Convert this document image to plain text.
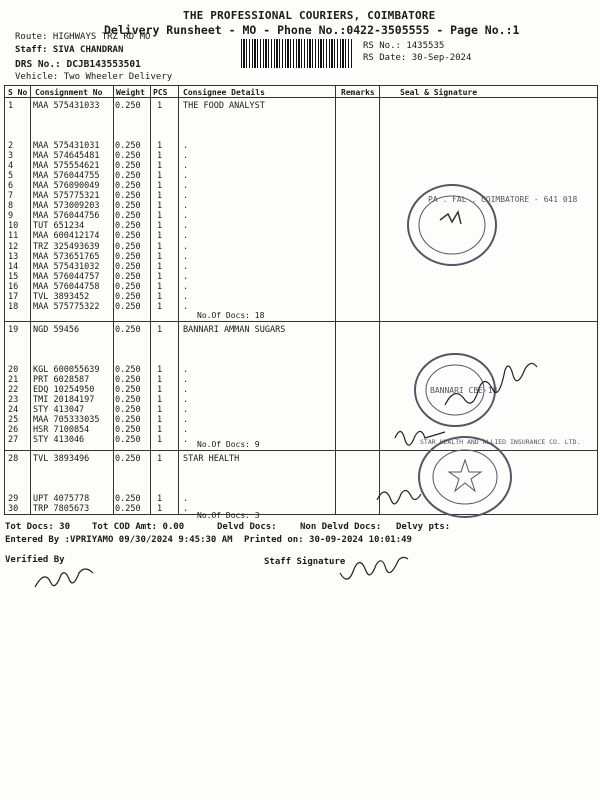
THE PROFESSIONAL COURIERS, COIMBATORE
Delivery Runsheet - MO - Phone No.:0422-3505555 - Page No.:1
Route: HIGHWAYS TRZ RD MO
Staff: SIVA CHANDRAN
DRS No.: DCJB143553501
Vehicle: Two Wheeler Delivery
RS No.: 1435535
RS Date: 30-Sep-2024
S No Consignment No Weight PCS Consignee Details	Remarks	Seal & Signature
1 MAA 575431033 0.250 1 THE FOOD ANALYST
2 MAA 575431031 0.250 1 .
3 MAA 574645481 0.250 1 .
4 MAA 575554621 0.250 1 .
5 MAA 576044755 0.250 1 .
6 MAA 576090049 0.250 1 .
7 MAA 575775321 0.250 1 .
8 MAA 573009203 0.250 1 .
9 MAA 576044756 0.250 1 .
10 TUT 651234	0.250 1 .
11 MAA 600412174 0.250 1 .
12 TRZ 325493639 0.250 1 .
13 MAA 573651765 0.250 1 .
14 MAA 575431032 0.250 1 .
15 MAA 576044757 0.250 1 .
16 MAA 576044758 0.250 1 .
17 TVL 3893452	0.250 1 .
18 MAA 575775322 0.250 1 .
No.Of Docs: 18
19 NGD 59456	0.250 1 BANNARI AMMAN SUGARS
20 KGL 600055639 0.250 1 .
21 PRT 6028587	0.250 1 .
22 EDQ 10254950 0.250 1 .
23 TMI 20184197 0.250 1 .
24 STY 413047	0.250 1 .
25 MAA 705333035 0.250 1 .
26 HSR 7100854	0.250 1 .
27 STY 413046	0.250 1 . No.Of Docs: 9
28 TVL 3893496	0.250 1 STAR HEALTH
29 UPT 4075778	0.250 1 .
30 TRP 7805673	0.250 1 .
No.Of Docs: 3
PA . FAL . COIMBATORE - 641 018
BANNARI CBE-18
STAR HEALTH AND ALLIED INSURANCE CO. LTD.
Tot Docs: 30 Tot COD Amt: 0.00	Delvd Docs:	Non Delvd Docs: Delvy pts:
Entered By :VPRIYAMO 09/30/2024 9:45:30 AM Printed on: 30-09-2024 10:01:49
Verified By	Staff Signature
